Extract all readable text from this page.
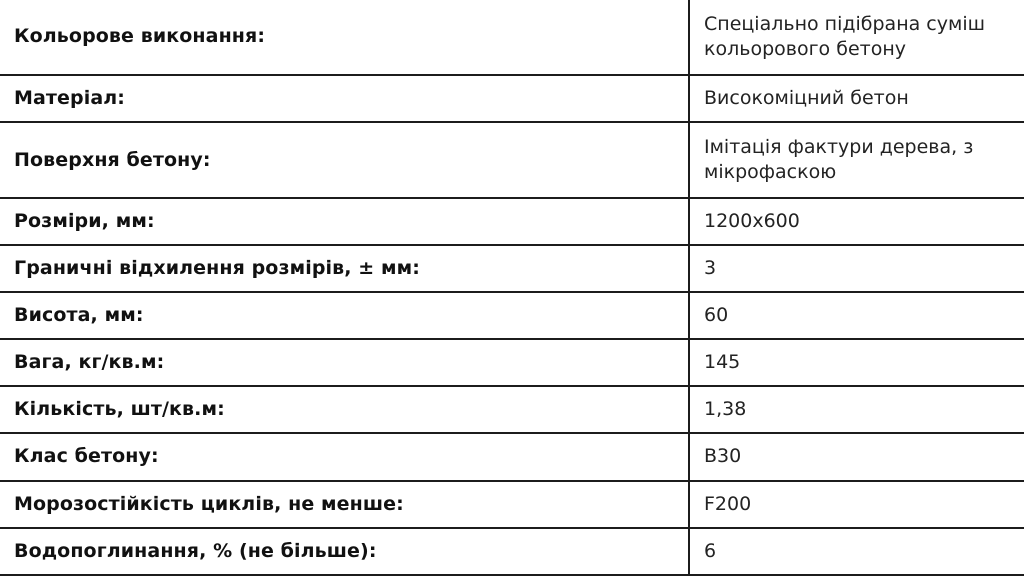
Кольорове виконання:	Спеціально підібрана суміш кольорового бетону
Матеріал:	Високоміцний бетон
Поверхня бетону:	Імітація фактури дерева, з мікрофаскою
Розміри, мм:	1200х600
Граничні відхилення розмірів, ± мм:	3
Висота, мм:	60
Вага, кг/кв.м:	145
Кількість, шт/кв.м:	1,38
Клас бетону:	B30
Морозостійкість циклів, не менше:	F200
Водопоглинання, % (не більше):	6
